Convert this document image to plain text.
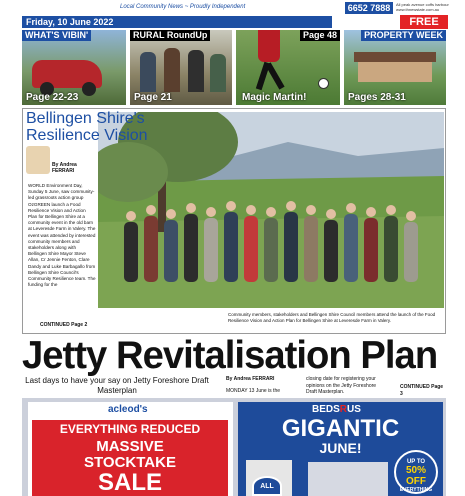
Local Community News ~ Proudly Independent
Friday, 10 June 2022
6652 7888	All peak avenue coffs harbour www.thnewstate.com.au
FREE
WHAT'S VIBIN'
Page 22-23
RURAL RoundUp
Page 21
Page 48
Magic Martin!
PROPERTY WEEK
Pages 28-31
Bellingen Shire's Resilience Vision
By Andrea
FERRARI
WORLD Environment Day, Sunday 5 June, saw community-led grassroots action group OzGREEN launch a Food Resilience Vision and Action Plan for Bellingen Shire at a community event in the old barn at Leveresde Farm in Valery. The event was attended by interested community members and stakeholders along with Bellingen Shire Mayor Steve Allan, Cr Jennie Fenton, Clare Dandy and Luke Barbagallo from Bellingen Shire Council's Community Resilience team. The funding for the
CONTINUED Page 2
Community members, stakeholders and Bellingen Shire Council members attend the launch of the Food Resilience Vision and Action Plan for Bellingen Shire at Leveresde Farm in Valery.
Jetty Revitalisation Plan
Last days to have your say on Jetty Foreshore Draft Masterplan
By Andrea FERRARI
MONDAY 13 June is the
closing date for registering your opinions on the Jetty Foreshore Draft Masterplan.
CONTINUED Page 3
acleod's
EVERYTHING REDUCED
MASSIVE
STOCKTAKE
SALE
BEDSRUS
GIGANTIC
JUNE!
ALL
UP TO
50% OFF
EVERYTHING
